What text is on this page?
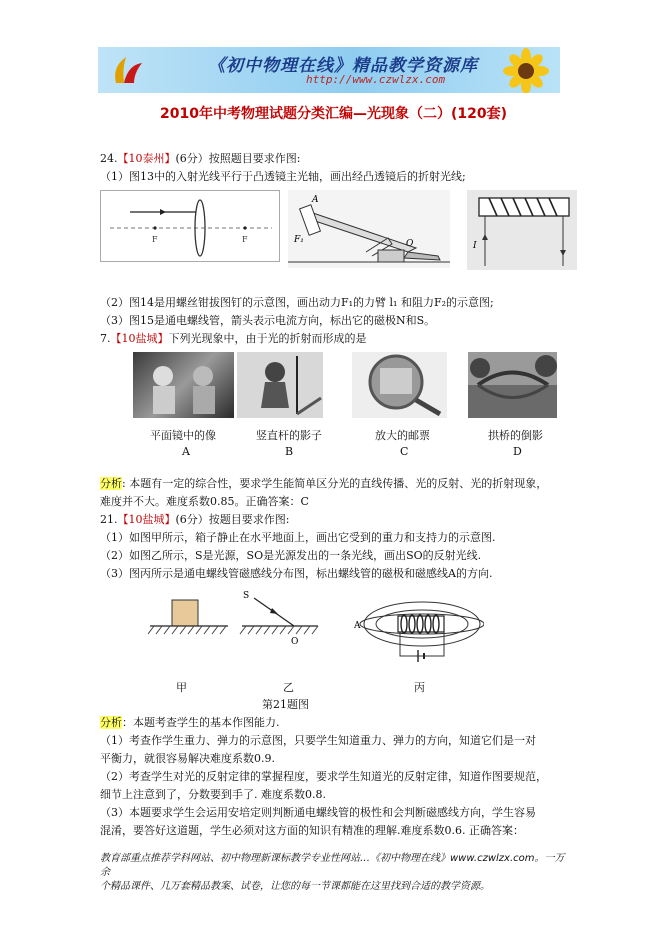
《初中物理在线》精品教学资源库
http://www.czwlzx.com
2010年中考物理试题分类汇编—光现象（二）(120套)
24.【10泰州】(6分）按照题目要求作图:
（1）图13中的入射光线平行于凸透镜主光轴，画出经凸透镜后的折射光线;
F	F
A
F₁	O	I
（2）图14是用螺丝钳拔图钉的示意图，画出动力F₁的力臂 l₁ 和阻力F₂的示意图;
（3）图15是通电螺线管，箭头表示电流方向，标出它的磁极N和S。
7.【10盐城】下列光现象中，由于光的折射而形成的是
平面镜中的像	竖直杆的影子	放大的邮票	拱桥的倒影
A	B	C	D
分析: 本题有一定的综合性，要求学生能简单区分光的直线传播、光的反射、光的折射现象，
难度并不大。难度系数0.85。正确答案：C
21.【10盐城】(6分）按题目要求作图:
（1）如图甲所示，箱子静止在水平地面上，画出它受到的重力和支持力的示意图.
（2）如图乙所示，S是光源，SO是光源发出的一条光线，画出SO的反射光线.
（3）图丙所示是通电螺线管磁感线分布图，标出螺线管的磁极和磁感线A的方向.
S
O
A
甲	乙	丙
第21题图
分析：本题考查学生的基本作图能力.
（1）考查作学生重力、弹力的示意图，只要学生知道重力、弹力的方向，知道它们是一对
平衡力，就很容易解决难度系数0.9.
（2）考查学生对光的反射定律的掌握程度，要求学生知道光的反射定律，知道作图要规范，
细节上注意到了，分数要到手了. 难度系数0.8.
（3）本题要求学生会运用安培定则判断通电螺线管的极性和会判断磁感线方向，学生容易
混淆，要答好这道题，学生必须对这方面的知识有精准的理解.难度系数0.6. 正确答案：
教育部重点推荐学科网站、初中物理新课标教学专业性网站…《初中物理在线》www.czwlzx.com。一万余
个精品课件、几万套精品教案、试卷，让您的每一节课都能在这里找到合适的教学资源。
